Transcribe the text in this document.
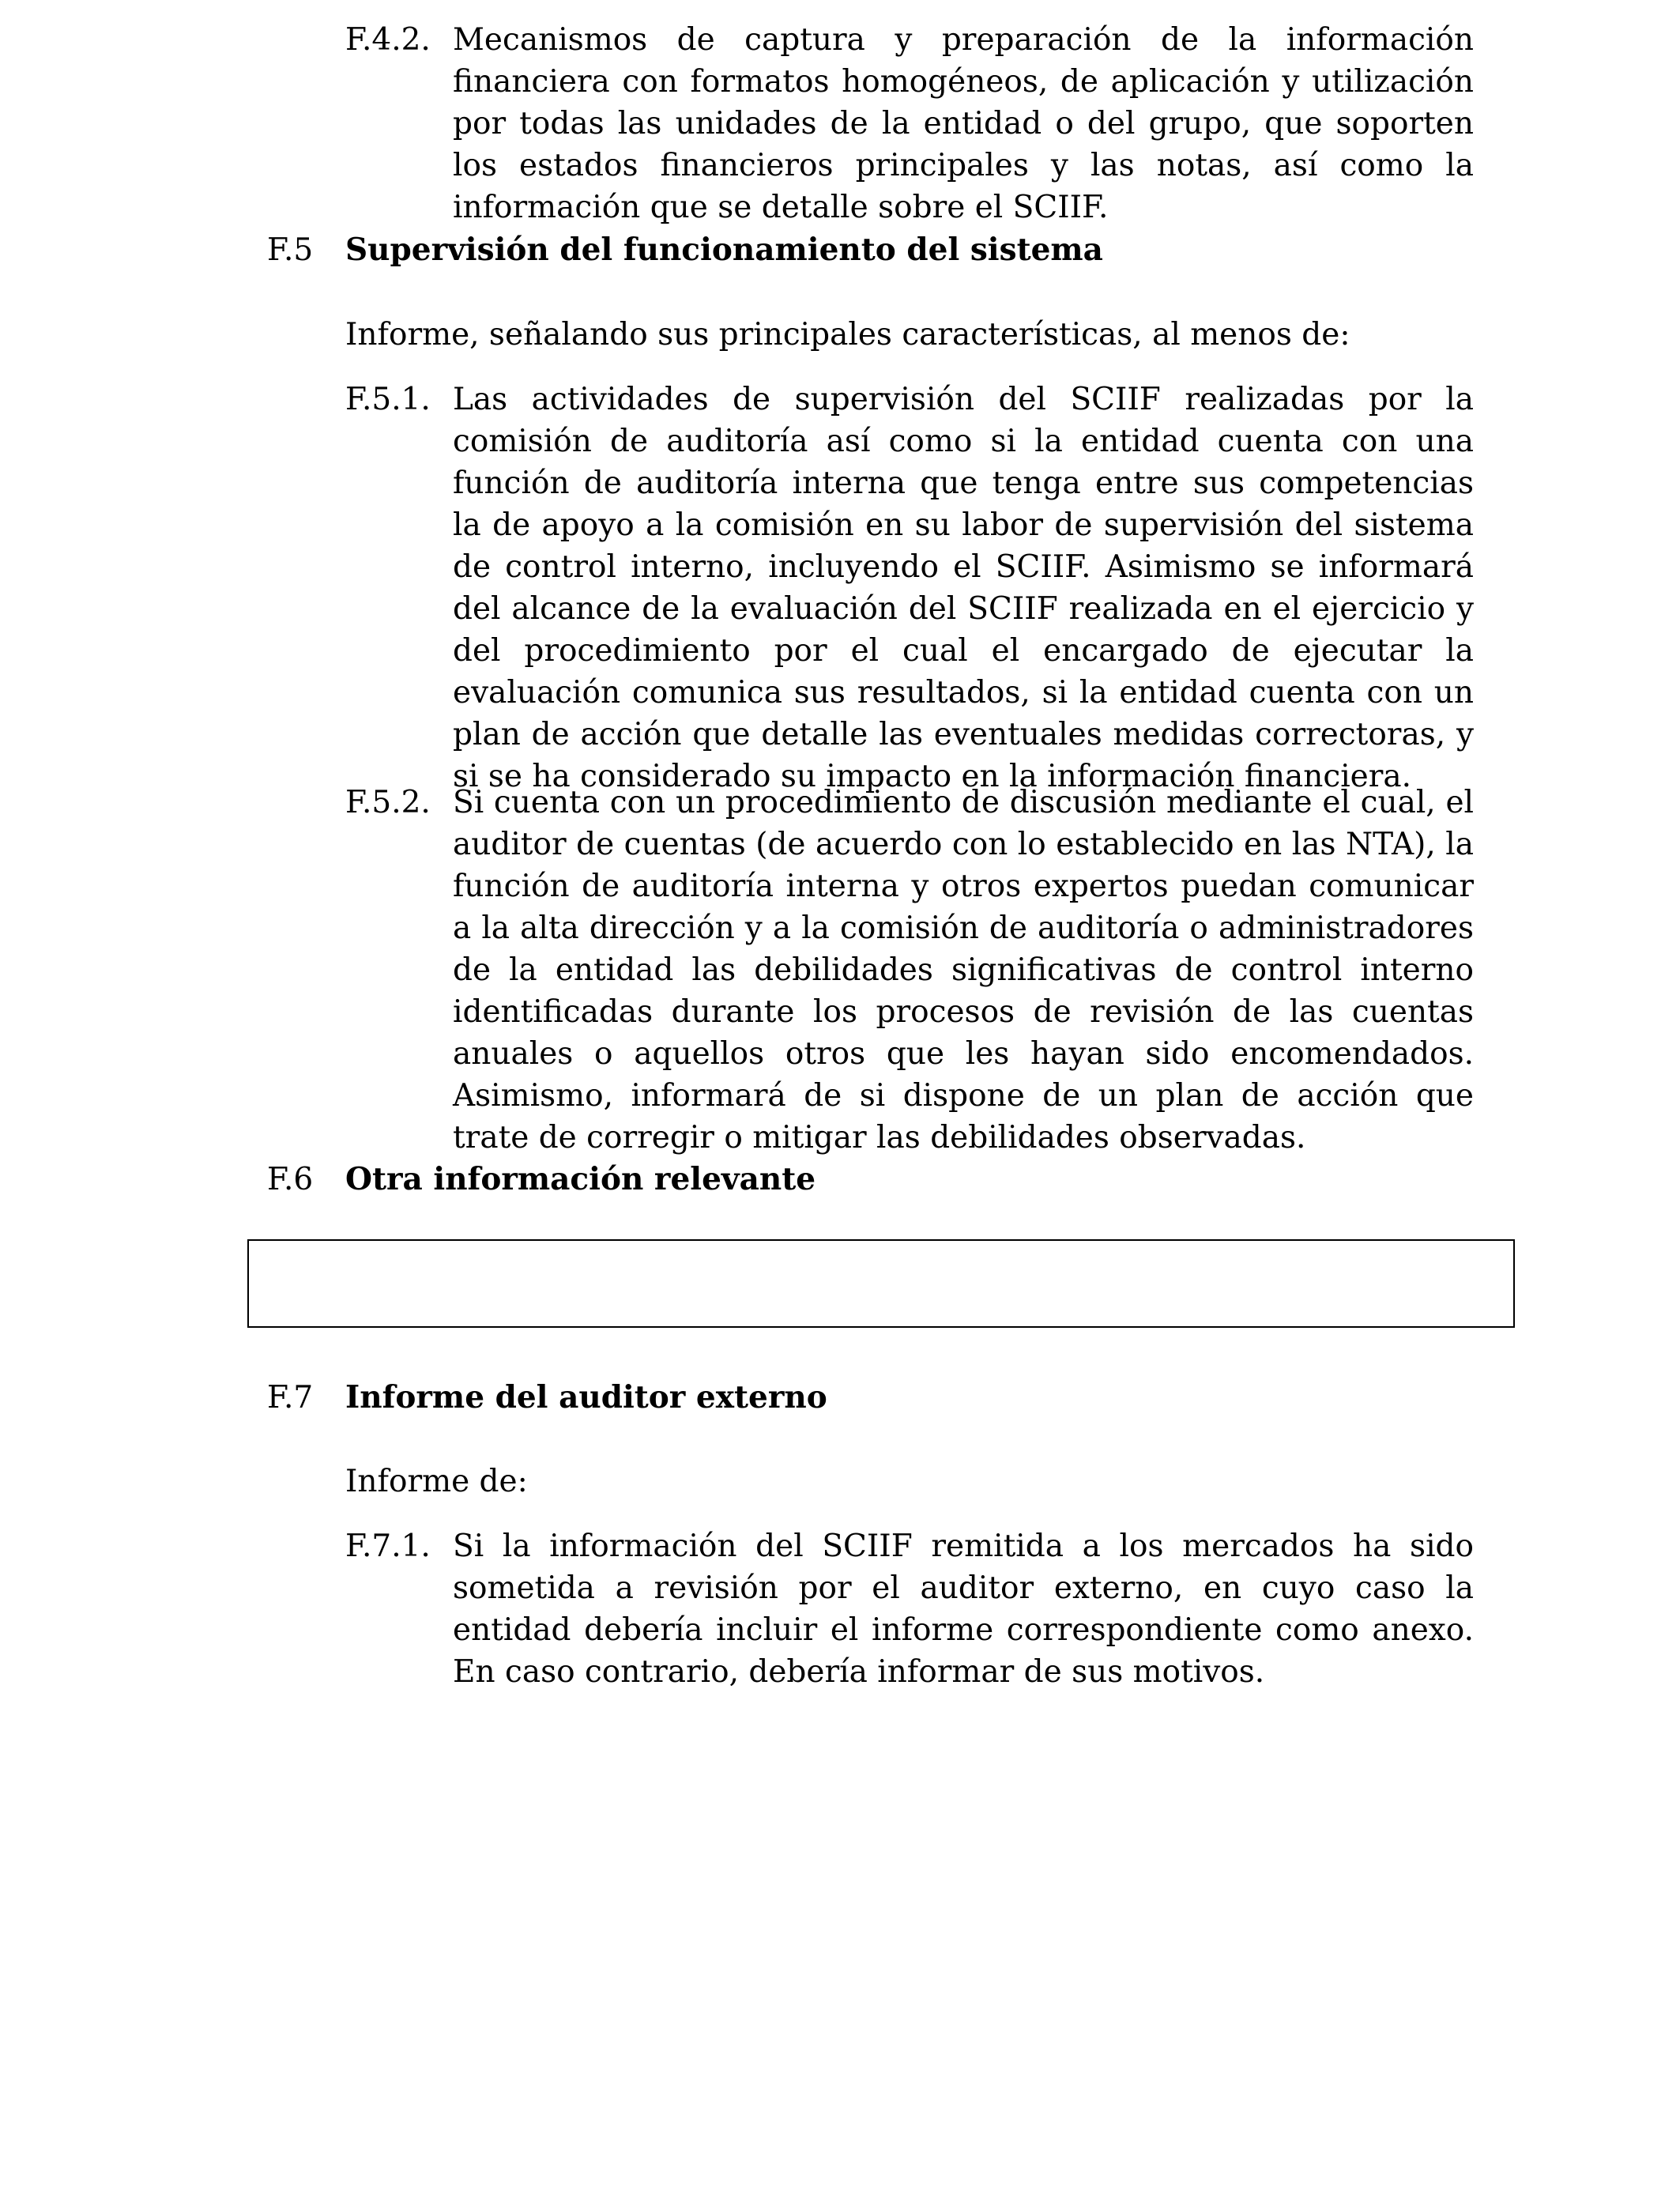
F.4.2. Mecanismos de captura y preparación de la información financiera con formatos homogéneos, de aplicación y utilización por todas las unidades de la entidad o del grupo, que soporten los estados financieros principales y las notas, así como la información que se detalle sobre el SCIIF.
F.5	Supervisión del funcionamiento del sistema
Informe, señalando sus principales características, al menos de:
F.5.1. Las actividades de supervisión del SCIIF realizadas por la comisión de auditoría así como si la entidad cuenta con una función de auditoría interna que tenga entre sus competencias la de apoyo a la comisión en su labor de supervisión del sistema de control interno, incluyendo el SCIIF. Asimismo se informará del alcance de la evaluación del SCIIF realizada en el ejercicio y del procedimiento por el cual el encargado de ejecutar la evaluación comunica sus resultados, si la entidad cuenta con un plan de acción que detalle las eventuales medidas correctoras, y si se ha considerado su impacto en la información financiera.
F.5.2. Si cuenta con un procedimiento de discusión mediante el cual, el auditor de cuentas (de acuerdo con lo establecido en las NTA), la función de auditoría interna y otros expertos puedan comunicar a la alta dirección y a la comisión de auditoría o administradores de la entidad las debilidades significativas de control interno identificadas durante los procesos de revisión de las cuentas anuales o aquellos otros que les hayan sido encomendados. Asimismo, informará de si dispone de un plan de acción que trate de corregir o mitigar las debilidades observadas.
F.6	Otra información relevante
F.7	Informe del auditor externo
Informe de:
F.7.1. Si la información del SCIIF remitida a los mercados ha sido sometida a revisión por el auditor externo, en cuyo caso la entidad debería incluir el informe correspondiente como anexo. En caso contrario, debería informar de sus motivos.
